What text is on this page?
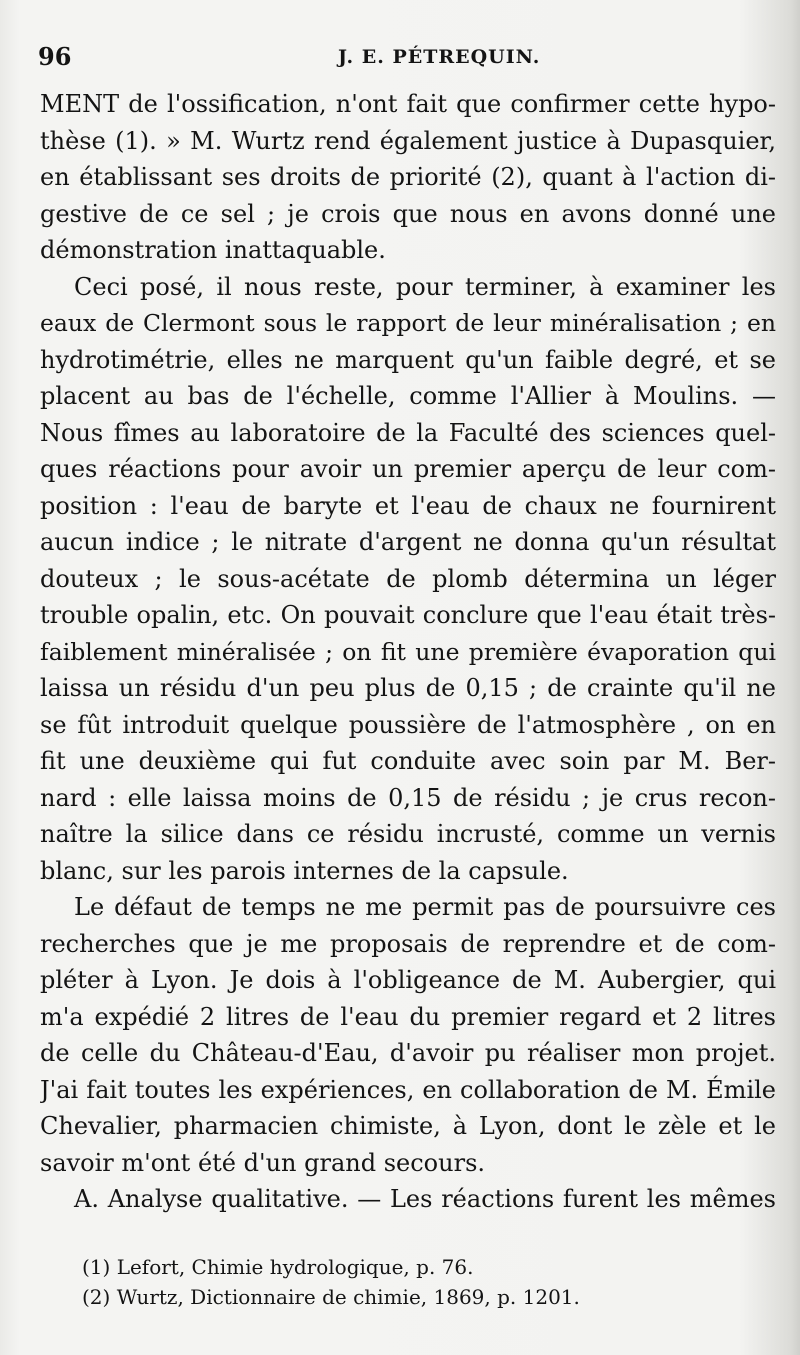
96	J. E. PÉTREQUIN.
MENT de l'ossification, n'ont fait que confirmer cette hypo-
thèse (1). » M. Wurtz rend également justice à Dupasquier,
en établissant ses droits de priorité (2), quant à l'action di-
gestive de ce sel ; je crois que nous en avons donné une
démonstration inattaquable.
Ceci posé, il nous reste, pour terminer, à examiner les
eaux de Clermont sous le rapport de leur minéralisation ; en
hydrotimétrie, elles ne marquent qu'un faible degré, et se
placent au bas de l'échelle, comme l'Allier à Moulins. —
Nous fîmes au laboratoire de la Faculté des sciences quel-
ques réactions pour avoir un premier aperçu de leur com-
position : l'eau de baryte et l'eau de chaux ne fournirent
aucun indice ; le nitrate d'argent ne donna qu'un résultat
douteux ; le sous-acétate de plomb détermina un léger
trouble opalin, etc. On pouvait conclure que l'eau était très-
faiblement minéralisée ; on fit une première évaporation qui
laissa un résidu d'un peu plus de 0,15 ; de crainte qu'il ne
se fût introduit quelque poussière de l'atmosphère , on en
fit une deuxième qui fut conduite avec soin par M. Ber-
nard : elle laissa moins de 0,15 de résidu ; je crus recon-
naître la silice dans ce résidu incrusté, comme un vernis
blanc, sur les parois internes de la capsule.
Le défaut de temps ne me permit pas de poursuivre ces
recherches que je me proposais de reprendre et de com-
pléter à Lyon. Je dois à l'obligeance de M. Aubergier, qui
m'a expédié 2 litres de l'eau du premier regard et 2 litres
de celle du Château-d'Eau, d'avoir pu réaliser mon projet.
J'ai fait toutes les expériences, en collaboration de M. Émile
Chevalier, pharmacien chimiste, à Lyon, dont le zèle et le
savoir m'ont été d'un grand secours.
A. Analyse qualitative. — Les réactions furent les mêmes
(1) Lefort, Chimie hydrologique, p. 76.
(2) Wurtz, Dictionnaire de chimie, 1869, p. 1201.
